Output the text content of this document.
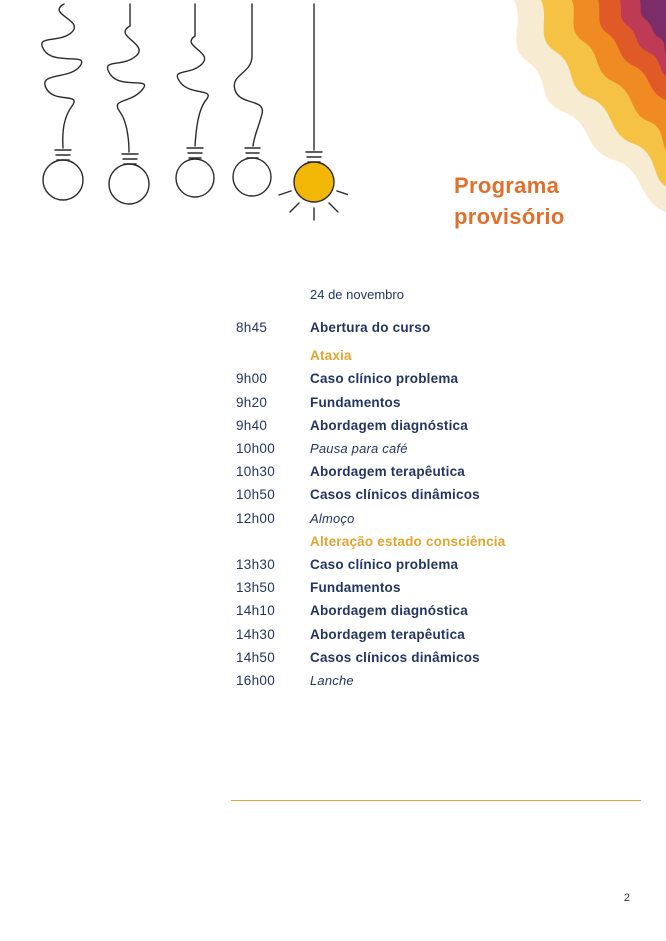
Programa
provisório
24 de novembro
8h45	Abertura do curso
Ataxia
9h00	Caso clínico problema
9h20	Fundamentos
9h40	Abordagem diagnóstica
10h00	Pausa para café
10h30	Abordagem terapêutica
10h50	Casos clínicos dinâmicos
12h00	Almoço
Alteração estado consciência
13h30	Caso clínico problema
13h50	Fundamentos
14h10	Abordagem diagnóstica
14h30	Abordagem terapêutica
14h50	Casos clínicos dinâmicos
16h00	Lanche
2
